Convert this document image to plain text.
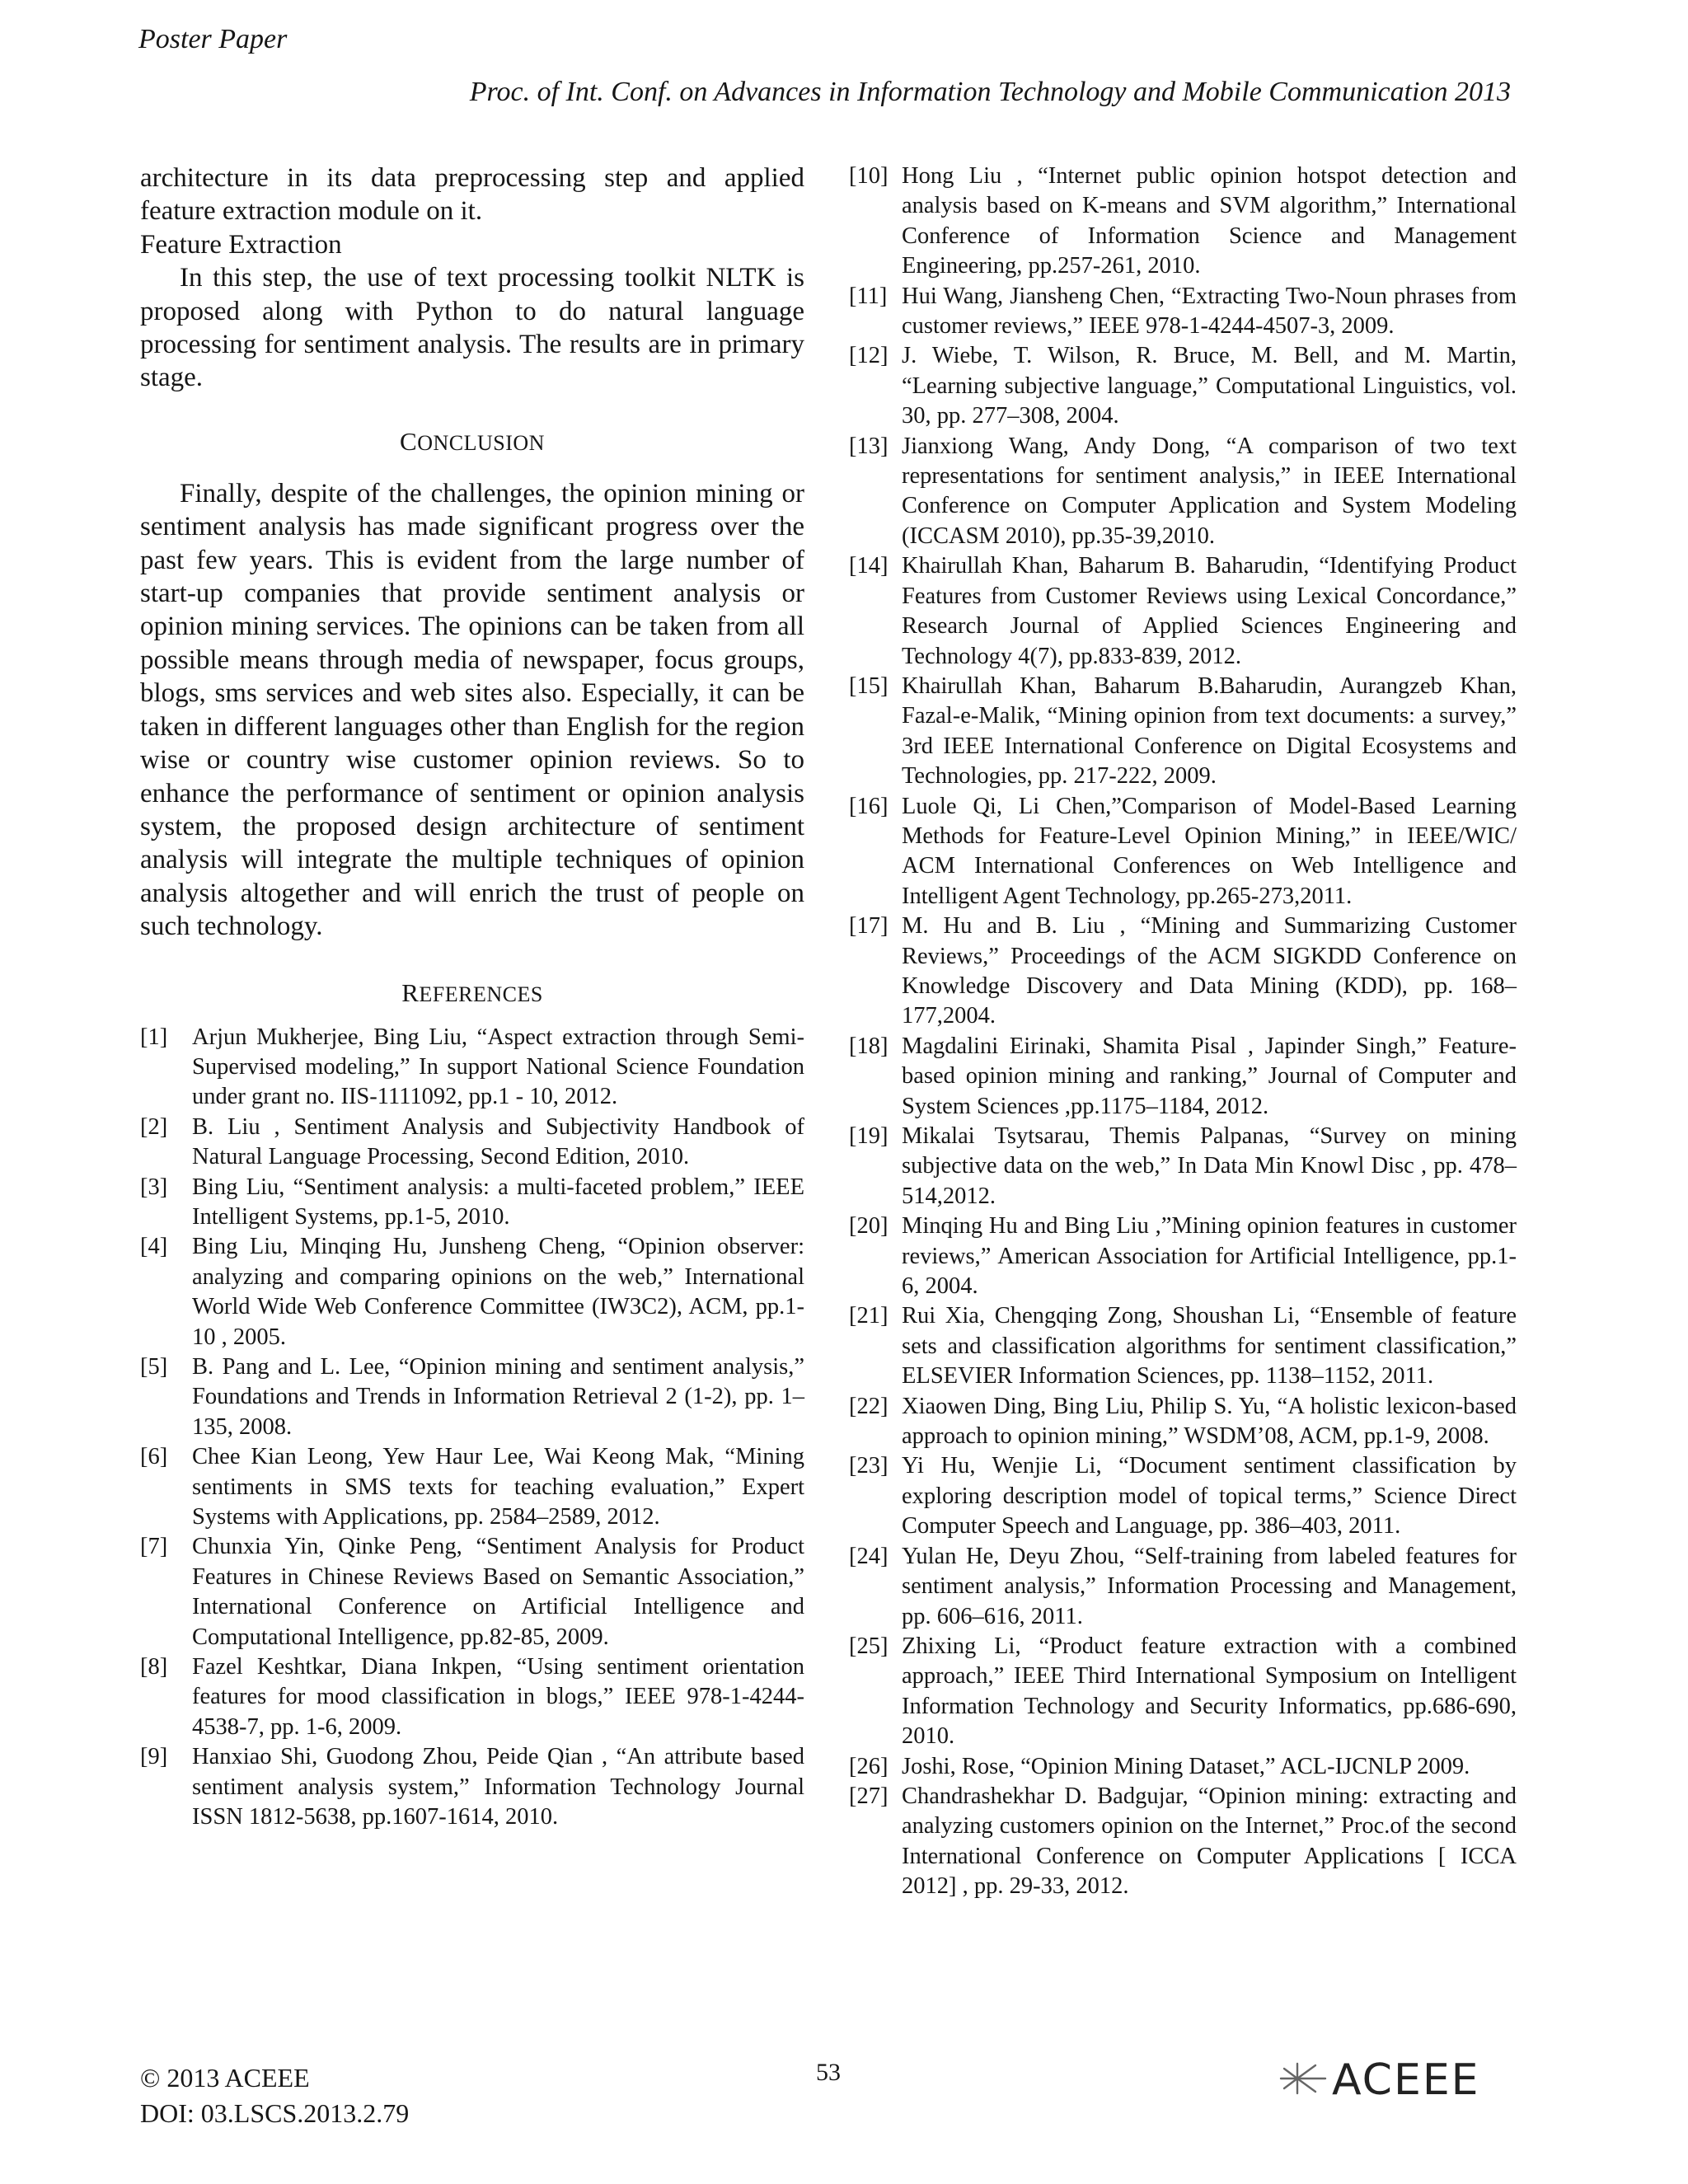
Poster Paper
Proc. of Int. Conf. on Advances in Information Technology and Mobile Communication 2013

architecture in its data preprocessing step and applied feature extraction module on it.

Feature Extraction

In this step, the use of text processing toolkit NLTK is proposed along with Python to do natural language processing for sentiment analysis. The results are in primary stage.

CONCLUSION

Finally, despite of the challenges, the opinion mining or sentiment analysis has made significant progress over the past few years. This is evident from the large number of start-up companies that provide sentiment analysis or opinion mining services. The opinions can be taken from all possible means through media of newspaper, focus groups, blogs, sms services and web sites also. Especially, it can be taken in different languages other than English for the region wise or country wise customer opinion reviews. So to enhance the performance of sentiment or opinion analysis system, the proposed design architecture of sentiment analysis will integrate the multiple techniques of opinion analysis altogether and will enrich the trust of people on such technology.

REFERENCES

[1] Arjun Mukherjee, Bing Liu, “Aspect extraction through Semi-Supervised modeling,” In support National Science Foundation under grant no. IIS-1111092, pp.1 - 10, 2012.
[2] B. Liu , Sentiment Analysis and Subjectivity Handbook of Natural Language Processing, Second Edition, 2010.
[3] Bing Liu, “Sentiment analysis: a multi-faceted problem,” IEEE Intelligent Systems, pp.1-5, 2010.
[4] Bing Liu, Minqing Hu, Junsheng Cheng, “Opinion observer: analyzing and comparing opinions on the web,” International World Wide Web Conference Committee (IW3C2), ACM, pp.1-10 , 2005.
[5] B. Pang and L. Lee, “Opinion mining and sentiment analysis,” Foundations and Trends in Information Retrieval 2 (1-2), pp. 1–135, 2008.
[6] Chee Kian Leong, Yew Haur Lee, Wai Keong Mak, “Mining sentiments in SMS texts for teaching evaluation,” Expert Systems with Applications, pp. 2584–2589, 2012.
[7] Chunxia Yin, Qinke Peng, “Sentiment Analysis for Product Features in Chinese Reviews Based on Semantic Association,” International Conference on Artificial Intelligence and Computational Intelligence, pp.82-85, 2009.
[8] Fazel Keshtkar, Diana Inkpen, “Using sentiment orientation features for mood classification in blogs,” IEEE 978-1-4244-4538-7, pp. 1-6, 2009.
[9] Hanxiao Shi, Guodong Zhou, Peide Qian , “An attribute based sentiment analysis system,” Information Technology Journal ISSN 1812-5638, pp.1607-1614, 2010.
[10] Hong Liu , “Internet public opinion hotspot detection and analysis based on K-means and SVM algorithm,” International Conference of Information Science and Management Engineering, pp.257-261, 2010.
[11] Hui Wang, Jiansheng Chen, “Extracting Two-Noun phrases from customer reviews,” IEEE 978-1-4244-4507-3, 2009.
[12] J. Wiebe, T. Wilson, R. Bruce, M. Bell, and M. Martin, “Learning subjective language,” Computational Linguistics, vol. 30, pp. 277–308, 2004.
[13] Jianxiong Wang, Andy Dong, “A comparison of two text representations for sentiment analysis,” in IEEE International Conference on Computer Application and System Modeling (ICCASM 2010), pp.35-39,2010.
[14] Khairullah Khan, Baharum B. Baharudin, “Identifying Product Features from Customer Reviews using Lexical Concordance,” Research Journal of Applied Sciences Engineering and Technology 4(7), pp.833-839, 2012.
[15] Khairullah Khan, Baharum B.Baharudin, Aurangzeb Khan, Fazal-e-Malik, “Mining opinion from text documents: a survey,” 3rd IEEE International Conference on Digital Ecosystems and Technologies, pp. 217-222, 2009.
[16] Luole Qi, Li Chen,”Comparison of Model-Based Learning Methods for Feature-Level Opinion Mining,” in IEEE/WIC/ ACM International Conferences on Web Intelligence and Intelligent Agent Technology, pp.265-273,2011.
[17] M. Hu and B. Liu , “Mining and Summarizing Customer Reviews,” Proceedings of the ACM SIGKDD Conference on Knowledge Discovery and Data Mining (KDD), pp. 168–177,2004.
[18] Magdalini Eirinaki, Shamita Pisal , Japinder Singh,” Feature-based opinion mining and ranking,” Journal of Computer and System Sciences ,pp.1175–1184, 2012.
[19] Mikalai Tsytsarau, Themis Palpanas, “Survey on mining subjective data on the web,” In Data Min Knowl Disc , pp. 478–514,2012.
[20] Minqing Hu and Bing Liu ,”Mining opinion features in customer reviews,” American Association for Artificial Intelligence, pp.1-6, 2004.
[21] Rui Xia, Chengqing Zong, Shoushan Li, “Ensemble of feature sets and classification algorithms for sentiment classification,” ELSEVIER Information Sciences, pp. 1138–1152, 2011.
[22] Xiaowen Ding, Bing Liu, Philip S. Yu, “A holistic lexicon-based approach to opinion mining,” WSDM’08, ACM, pp.1-9, 2008.
[23] Yi Hu, Wenjie Li, “Document sentiment classification by exploring description model of topical terms,” Science Direct Computer Speech and Language, pp. 386–403, 2011.
[24] Yulan He, Deyu Zhou, “Self-training from labeled features for sentiment analysis,” Information Processing and Management, pp. 606–616, 2011.
[25] Zhixing Li, “Product feature extraction with a combined approach,” IEEE Third International Symposium on Intelligent Information Technology and Security Informatics, pp.686-690, 2010.
[26] Joshi, Rose, “Opinion Mining Dataset,” ACL-IJCNLP 2009.
[27] Chandrashekhar D. Badgujar, “Opinion mining: extracting and analyzing customers opinion on the Internet,” Proc.of the second International Conference on Computer Applications [ ICCA 2012] , pp. 29-33, 2012.
© 2013 ACEEE
DOI: 03.LSCS.2013.2.79
53	ACEEE
